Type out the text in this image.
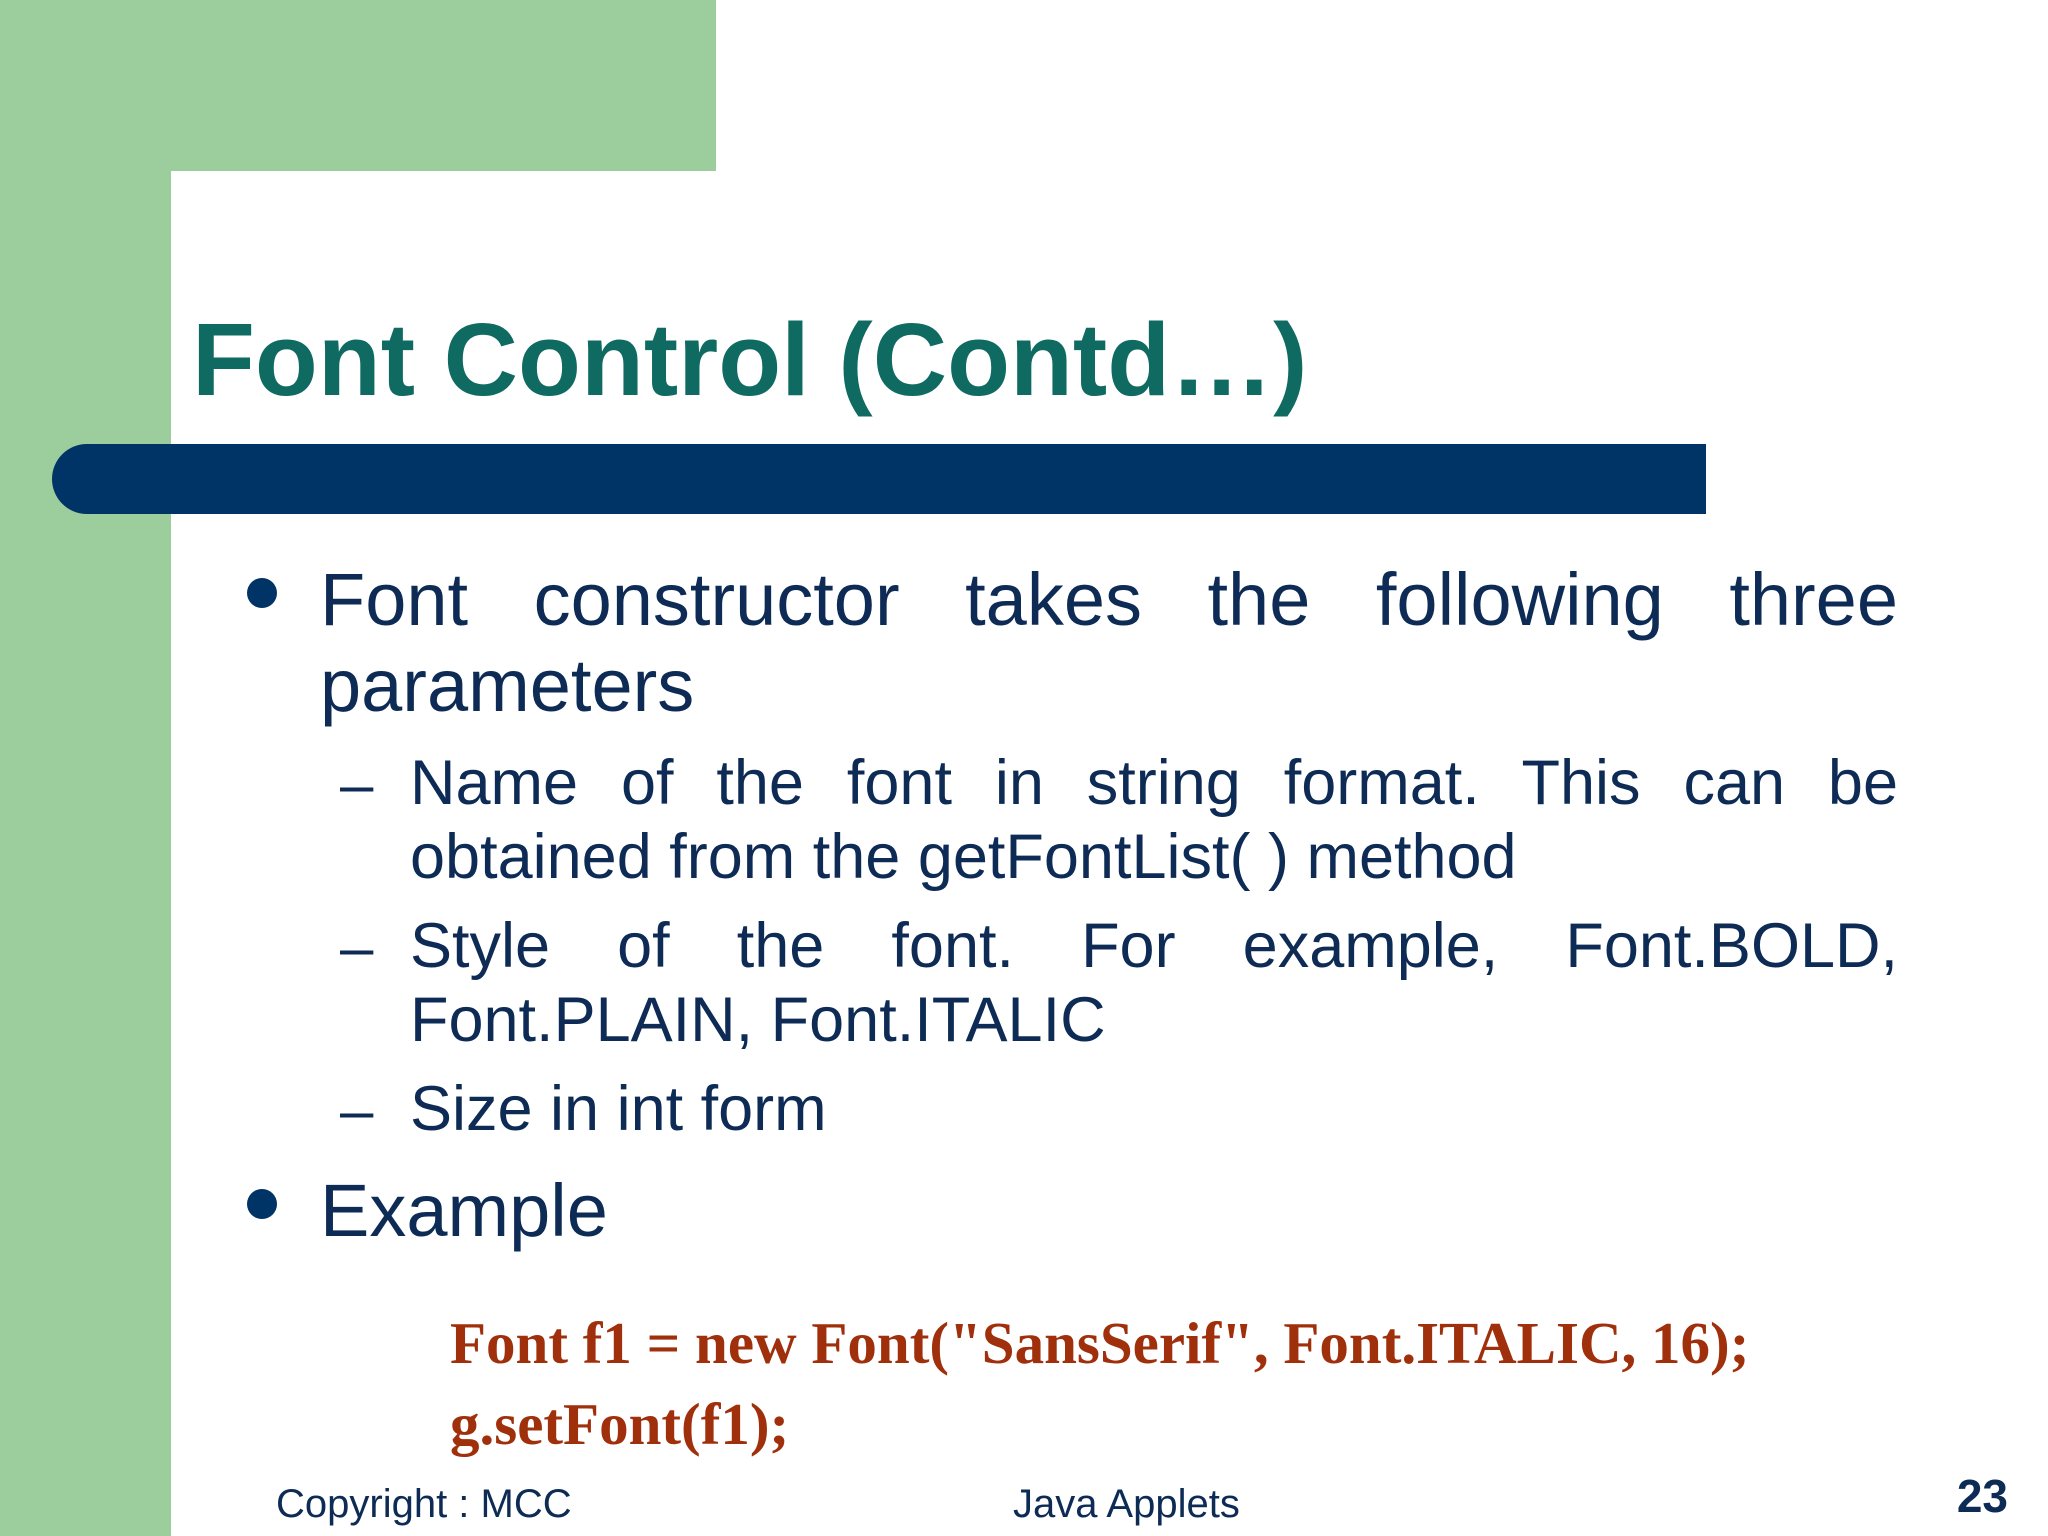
Font Control (Contd…)

Font constructor takes the following three parameters

– Name of the font in string format. This can be obtained from the getFontList( ) method

– Style of the font. For example, Font.BOLD, Font.PLAIN, Font.ITALIC

– Size in int form

Example

Font f1 = new Font("SansSerif", Font.ITALIC, 16);

g.setFont(f1);

Copyright : MCC	Java Applets	23
